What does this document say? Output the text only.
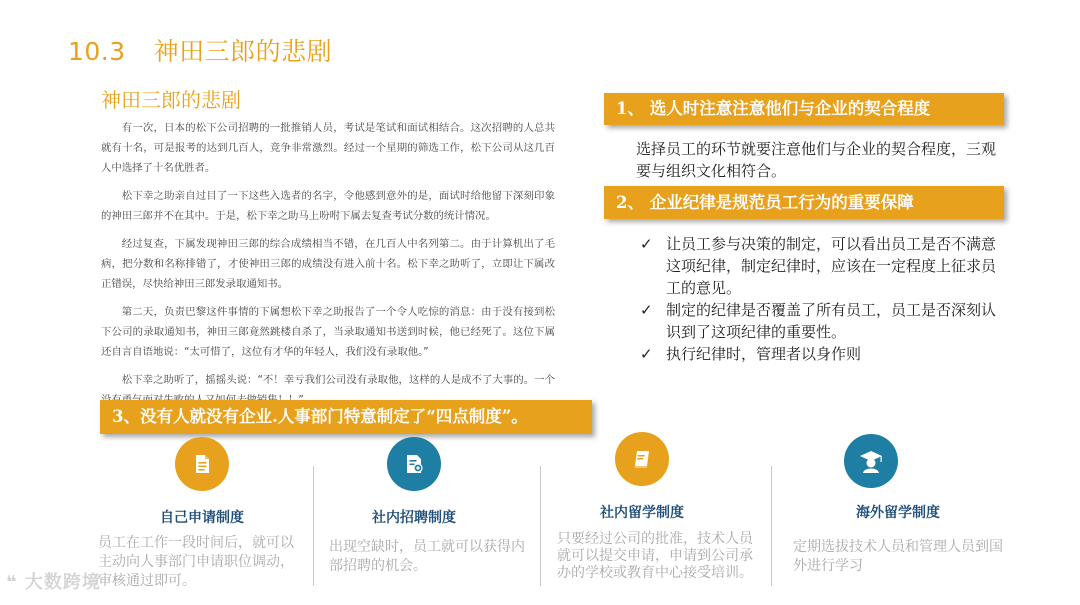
10.3 神田三郎的悲剧
神田三郎的悲剧

有一次，日本的松下公司招聘的一批推销人员，考试是笔试和面试相结合。这次招聘的人总共就有十名，可是报考的达到几百人，竞争非常激烈。经过一个星期的筛选工作，松下公司从这几百人中选择了十名优胜者。

松下幸之助亲自过目了一下这些入选者的名字，令他感到意外的是，面试时给他留下深刻印象的神田三郎并不在其中。于是，松下幸之助马上吩咐下属去复查考试分数的统计情况。

经过复查，下属发现神田三郎的综合成绩相当不错，在几百人中名列第二。由于计算机出了毛病，把分数和名称排错了，才使神田三郎的成绩没有进入前十名。松下幸之助听了，立即让下属改正错误，尽快给神田三郎发录取通知书。

第二天，负责巴黎这件事情的下属想松下幸之助报告了一个令人吃惊的消息：由于没有接到松下公司的录取通知书，神田三郎竟然跳楼自杀了，当录取通知书送到时候，他已经死了。这位下属还自言自语地说：“太可惜了，这位有才华的年轻人，我们没有录取他。”

松下幸之助听了，摇摇头说：“不！幸亏我们公司没有录取他，这样的人是成不了大事的。一个

1、 选人时注意注意他们与企业的契合程度

选择员工的环节就要注意他们与企业的契合程度，三观要与组织文化相符合。

2、 企业纪律是规范员工行为的重要保障
✓ 让员工参与决策的制定，可以看出员工是否不满意这项纪律，制定纪律时，应该在一定程度上征求员工的意见。
✓ 制定的纪律是否覆盖了所有员工，员工是否深刻认识到了这项纪律的重要性。
✓ 执行纪律时，管理者以身作则
3、没有人就没有企业.人事部门特意制定了“四点制度”。
自己申请制度
员工在工作一段时间后，就可以主动向人事部门申请职位调动，审核通过即可。
社内招聘制度
出现空缺时，员工就可以获得内部招聘的机会。
社内留学制度
只要经过公司的批准，技术人员就可以提交申请，申请到公司承办的学校或教育中心接受培训。
海外留学制度
定期选拔技术人员和管理人员到国外进行学习
❝ 大数跨境
